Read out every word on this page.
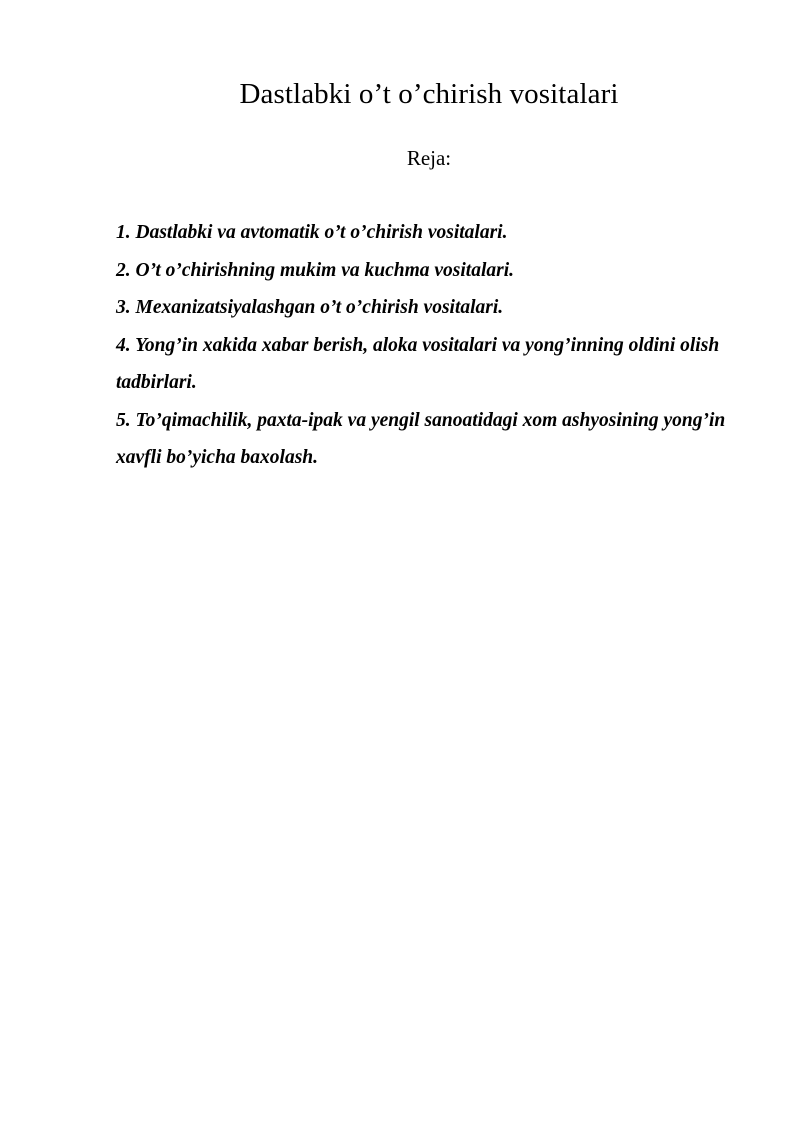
Dastlabki o’t o’chirish vositalari
Reja:
1. Dastlabki va avtomatik o’t o’chirish vositalari.
2. O’t o’chirishning mukim va kuchma vositalari.
3. Mexanizatsiyalashgan o’t o’chirish vositalari.
4. Yong’in xakida xabar berish, aloka vositalari va yong’inning oldini olish tadbirlari.
5. To’qimachilik, paxta-ipak va yengil sanoatidagi xom ashyosining yong’in xavfli bo’yicha baxolash.
